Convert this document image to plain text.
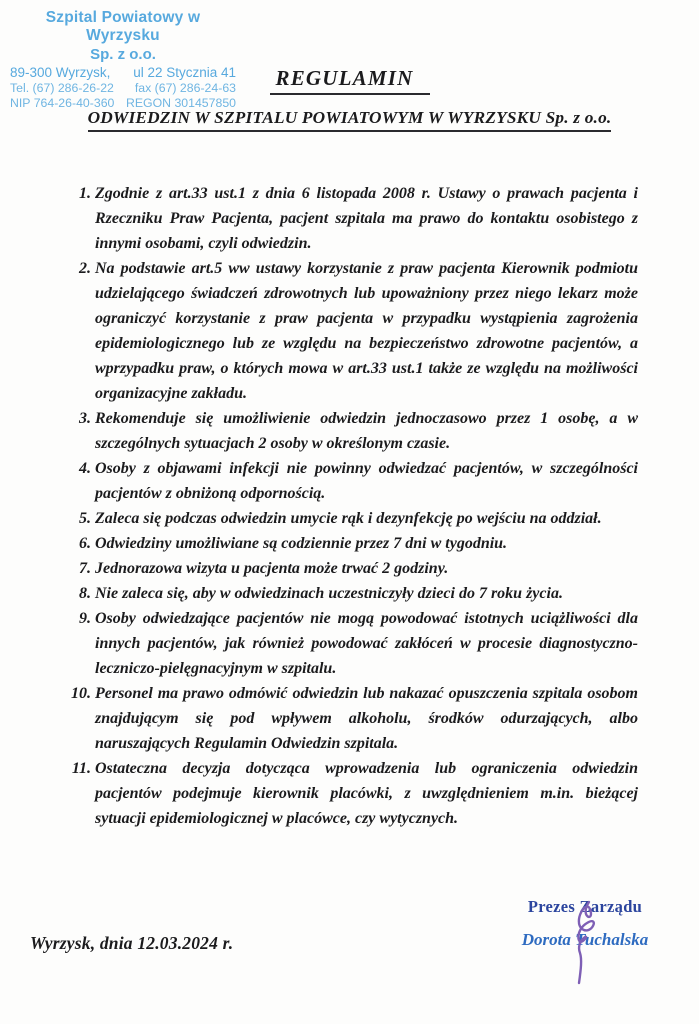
Szpital Powiatowy w Wyrzysku
Sp. z o.o.
89-300 Wyrzysk, ul 22 Stycznia 41
Tel. (67) 286-26-22 fax (67) 286-24-63
NIP 764-26-40-360 REGON 301457850
REGULAMIN
ODWIEDZIN W SZPITALU POWIATOWYM W WYRZYSKU Sp. z o.o.
1. Zgodnie z art.33 ust.1 z dnia 6 listopada 2008 r. Ustawy o prawach pacjenta i Rzeczniku Praw Pacjenta, pacjent szpitala ma prawo do kontaktu osobistego z innymi osobami, czyli odwiedzin.
2. Na podstawie art.5 ww ustawy korzystanie z praw pacjenta Kierownik podmiotu udzielającego świadczeń zdrowotnych lub upoważniony przez niego lekarz może ograniczyć korzystanie z praw pacjenta w przypadku wystąpienia zagrożenia epidemiologicznego lub ze względu na bezpieczeństwo zdrowotne pacjentów, a wprzypadku praw, o których mowa w art.33 ust.1 także ze względu na możliwości organizacyjne zakładu.
3. Rekomenduje się umożliwienie odwiedzin jednoczasowo przez 1 osobę, a w szczególnych sytuacjach 2 osoby w określonym czasie.
4. Osoby z objawami infekcji nie powinny odwiedzać pacjentów, w szczególności pacjentów z obniżoną odpornością.
5. Zaleca się podczas odwiedzin umycie rąk i dezynfekcję po wejściu na oddział.
6. Odwiedziny umożliwiane są codziennie przez 7 dni w tygodniu.
7. Jednorazowa wizyta u pacjenta może trwać 2 godziny.
8. Nie zaleca się, aby w odwiedzinach uczestniczyły dzieci do 7 roku życia.
9. Osoby odwiedzające pacjentów nie mogą powodować istotnych uciążliwości dla innych pacjentów, jak również powodować zakłóceń w procesie diagnostyczno-leczniczo-pielęgnacyjnym w szpitalu.
10. Personel ma prawo odmówić odwiedzin lub nakazać opuszczenia szpitala osobom znajdującym się pod wpływem alkoholu, środków odurzających, albo naruszających Regulamin Odwiedzin szpitala.
11. Ostateczna decyzja dotycząca wprowadzenia lub ograniczenia odwiedzin pacjentów podejmuje kierownik placówki, z uwzględnieniem m.in. bieżącej sytuacji epidemiologicznej w placówce, czy wytycznych.
Wyrzysk, dnia 12.03.2024 r.
Prezes Zarządu
Dorota Tuchalska
